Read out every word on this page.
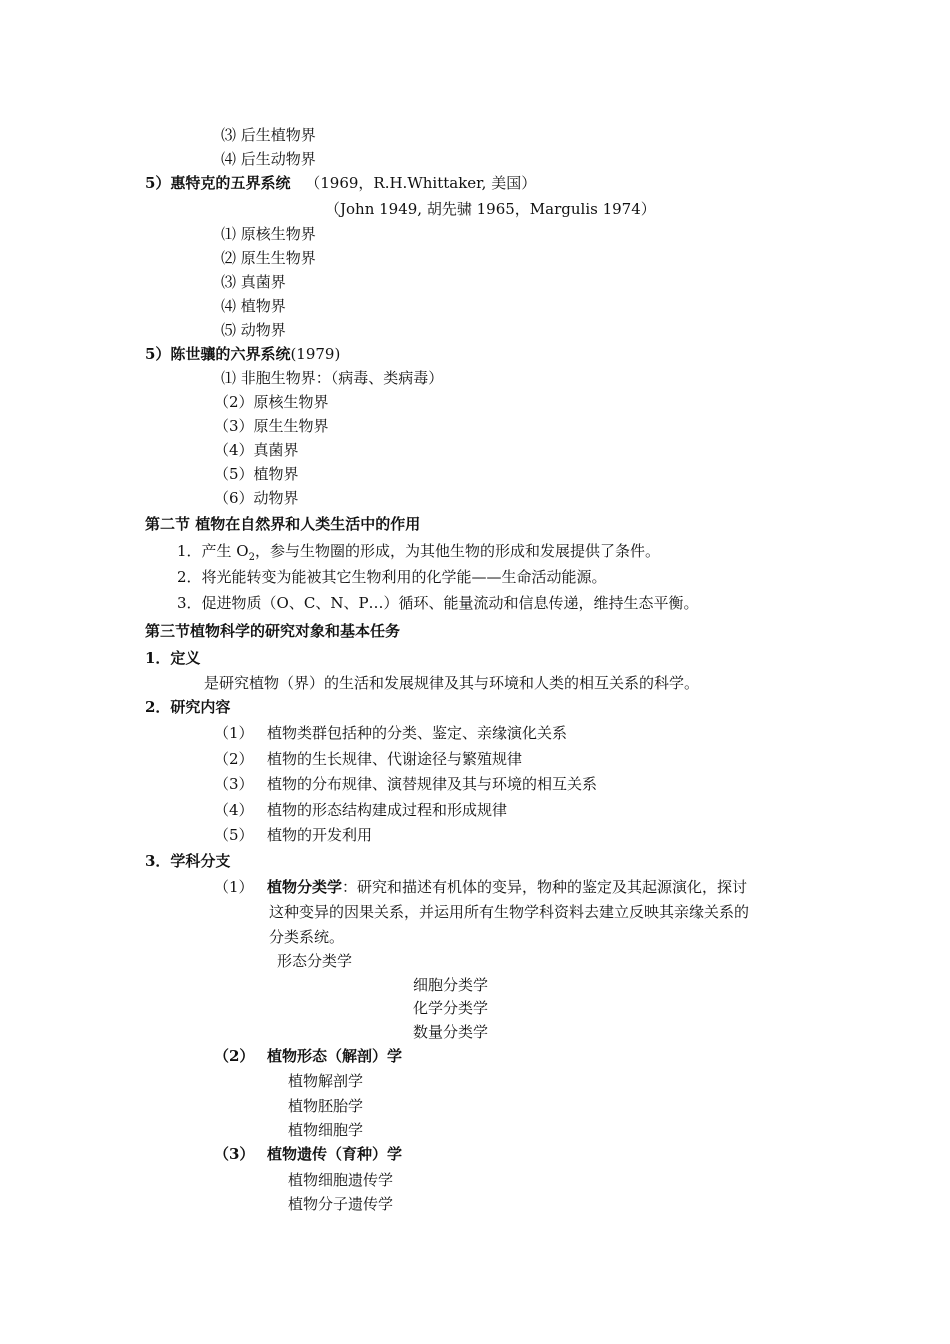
⑶ 后生植物界
⑷ 后生动物界
5）惠特克的五界系统 （1969，R.H.Whittaker, 美国）
（John 1949, 胡先骕 1965，Margulis 1974）
⑴ 原核生物界
⑵ 原生生物界
⑶ 真菌界
⑷ 植物界
⑸ 动物界
5）陈世骧的六界系统(1979)
⑴ 非胞生物界：（病毒、类病毒）
（2）原核生物界
（3）原生生物界
（4）真菌界
（5）植物界
（6）动物界
第二节 植物在自然界和人类生活中的作用
1．产生 $O_2$，参与生物圈的形成，为其他生物的形成和发展提供了条件。
2．将光能转变为能被其它生物利用的化学能——生命活动能源。
3．促进物质（O、C、N、P…）循环、能量流动和信息传递，维持生态平衡。
第三节植物科学的研究对象和基本任务
1．定义
是研究植物（界）的生活和发展规律及其与环境和人类的相互关系的科学。
2．研究内容
（1） 植物类群包括种的分类、鉴定、亲缘演化关系
（2） 植物的生长规律、代谢途径与繁殖规律
（3） 植物的分布规律、演替规律及其与环境的相互关系
（4） 植物的形态结构建成过程和形成规律
（5） 植物的开发利用
3．学科分支
（1） 植物分类学：研究和描述有机体的变异，物种的鉴定及其起源演化，探讨
这种变异的因果关系，并运用所有生物学科资料去建立反映其亲缘关系的
分类系统。
形态分类学
细胞分类学
化学分类学
数量分类学
（2） 植物形态（解剖）学
植物解剖学
植物胚胎学
植物细胞学
（3） 植物遗传（育种）学
植物细胞遗传学
植物分子遗传学
